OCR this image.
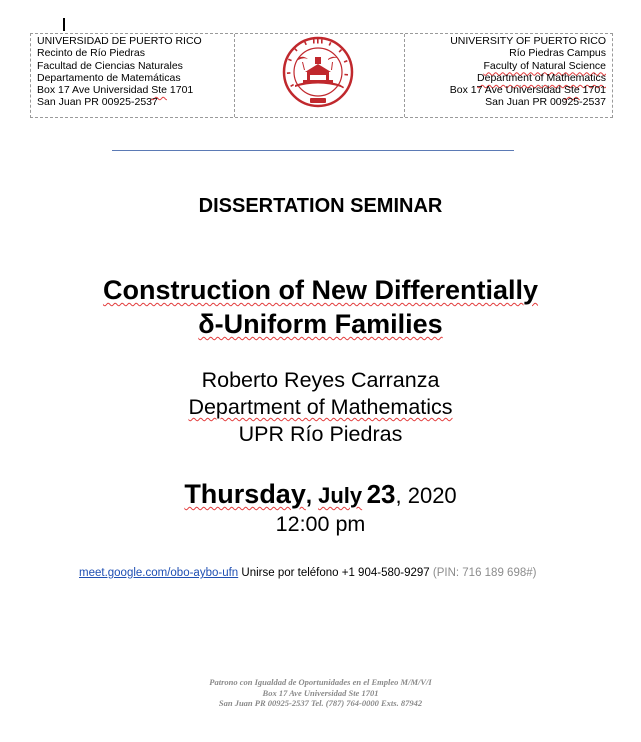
UNIVERSIDAD DE PUERTO RICO
Recinto de Río Piedras
Facultad de Ciencias Naturales
Departamento de Matemáticas
Box 17 Ave Universidad Ste 1701
San Juan PR 00925-2537
UNIVERSITY OF PUERTO RICO
Río Piedras Campus
Faculty of Natural Science
Department of Mathematics
Box 17 Ave Universidad Ste 1701
San Juan PR 00925-2537
DISSERTATION SEMINAR
Construction of New Differentially
δ-Uniform Families
Roberto Reyes Carranza
Department of Mathematics
UPR Río Piedras
Thursday, July 23, 2020
12:00 pm
meet.google.com/obo-aybo-ufn Unirse por teléfono +1 904-580-9297 (PIN: 716 189 698#)
Patrono con Igualdad de Oportunidades en el Empleo M/M/V/I
Box 17 Ave Universidad Ste 1701
San Juan PR 00925-2537 Tel. (787) 764-0000 Exts. 87942
